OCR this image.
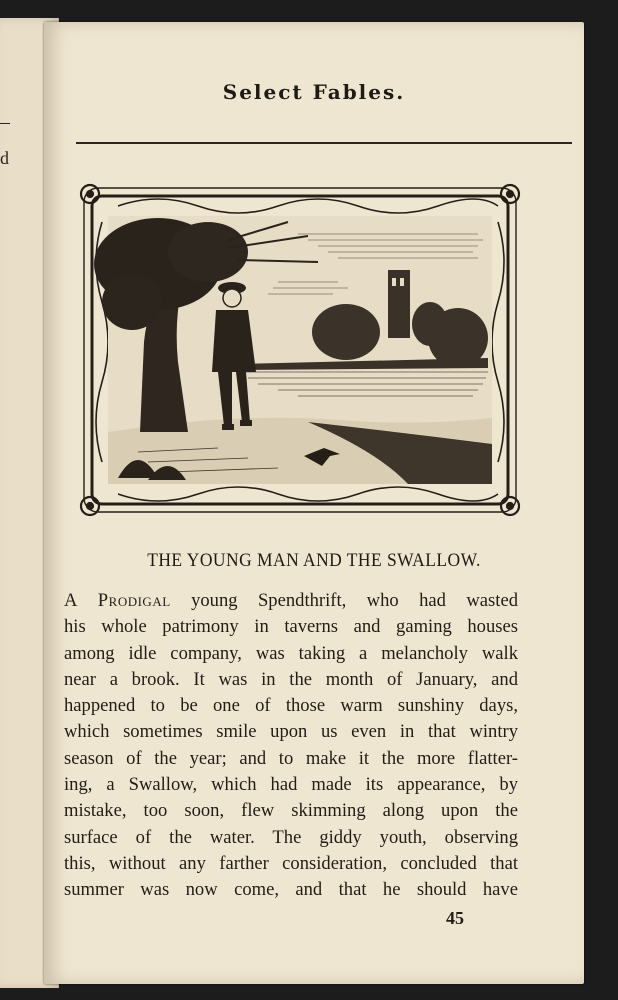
d
Select Fables.
THE YOUNG MAN AND THE SWALLOW.
A Prodigal young Spendthrift, who had wasted
his whole patrimony in taverns and gaming houses
among idle company, was taking a melancholy walk
near a brook. It was in the month of January, and
happened to be one of those warm sunshiny days,
which sometimes smile upon us even in that wintry
season of the year; and to make it the more flatter-
ing, a Swallow, which had made its appearance, by
mistake, too soon, flew skimming along upon the
surface of the water. The giddy youth, observing
this, without any farther consideration, concluded that
summer was now come, and that he should have
45
